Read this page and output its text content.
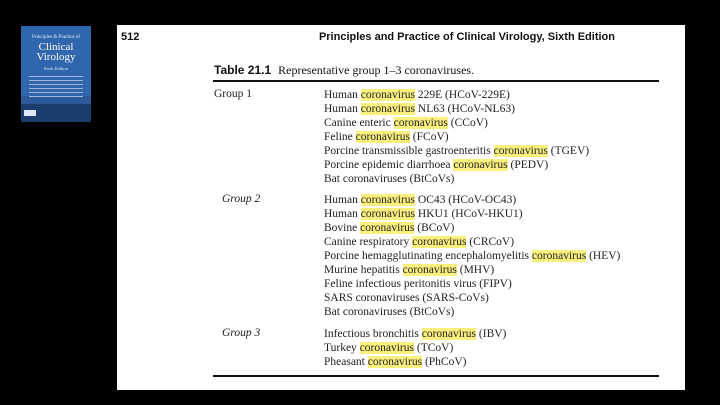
Principles & Practice of
Clinical
Virology
Sixth Edition
512	Principles and Practice of Clinical Virology, Sixth Edition
Table 21.1 Representative group 1–3 coronaviruses.
Group 1	Human coronavirus 229E (HCoV-229E)
Human coronavirus NL63 (HCoV-NL63)
Canine enteric coronavirus (CCoV)
Feline coronavirus (FCoV)
Porcine transmissible gastroenteritis coronavirus (TGEV)
Porcine epidemic diarrhoea coronavirus (PEDV)
Bat coronaviruses (BtCoVs)
Group 2	Human coronavirus OC43 (HCoV-OC43)
Human coronavirus HKU1 (HCoV-HKU1)
Bovine coronavirus (BCoV)
Canine respiratory coronavirus (CRCoV)
Porcine hemagglutinating encephalomyelitis coronavirus (HEV)
Murine hepatitis coronavirus (MHV)
Feline infectious peritonitis virus (FIPV)
SARS coronaviruses (SARS-CoVs)
Bat coronaviruses (BtCoVs)
Group 3	Infectious bronchitis coronavirus (IBV)
Turkey coronavirus (TCoV)
Pheasant coronavirus (PhCoV)
